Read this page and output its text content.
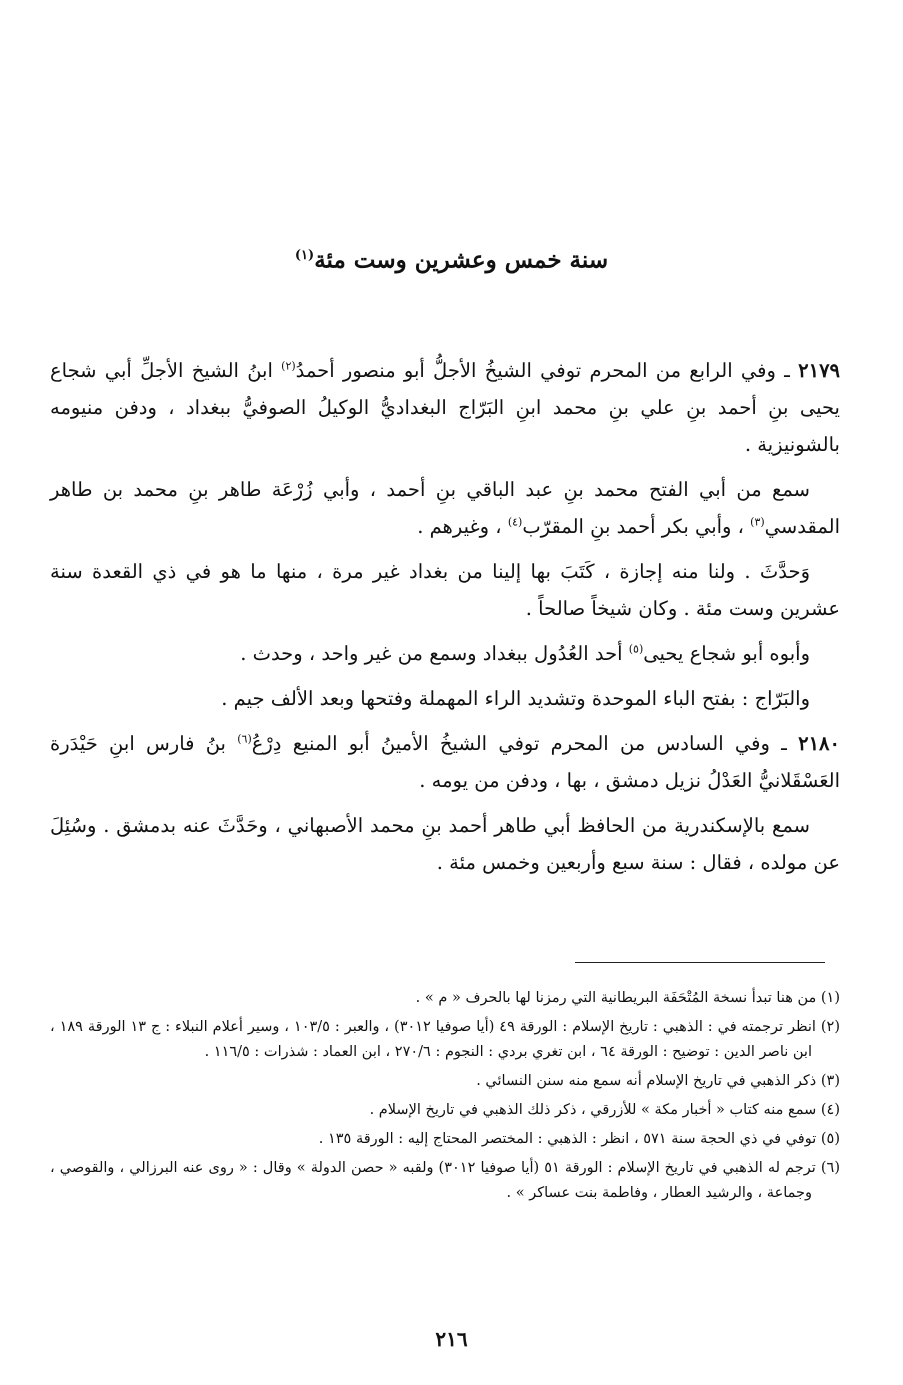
سنة خمس وعشرين وست مئة$^{(١)}$

٢١٧٩ ـ وفي الرابع من المحرم توفي الشيخُ الأجلُّ أبو منصور أحمدُ$^{(٢)}$ ابنُ الشيخ الأجلِّ أبي شجاع يحيى بنِ أحمد بنِ علي بنِ محمد ابنِ البَرّاج البغداديُّ الوكيلُ الصوفيُّ ببغداد ، ودفن منيومه بالشونيزية .

سمع من أبي الفتح محمد بنِ عبد الباقي بنِ أحمد ، وأبي زُرْعَة طاهر بنِ محمد بن طاهر المقدسي$^{(٣)}$ ، وأبي بكر أحمد بنِ المقرّب$^{(٤)}$ ، وغيرهم .

وَحدَّثَ . ولنا منه إجازة ، كَتَبَ بها إلينا من بغداد غير مرة ، منها ما هو في ذي القعدة سنة عشرين وست مئة . وكان شيخاً صالحاً .

وأبوه أبو شجاع يحيى$^{(٥)}$ أحد العُدُول ببغداد وسمع من غير واحد ، وحدث .

والبَرّاج : بفتح الباء الموحدة وتشديد الراء المهملة وفتحها وبعد الألف جيم .

٢١٨٠ ـ وفي السادس من المحرم توفي الشيخُ الأمينُ أبو المنيع دِرْعُ$^{(٦)}$ بنُ فارس ابنِ حَيْدَرة العَسْقَلانيُّ العَدْلُ نزيل دمشق ، بها ، ودفن من يومه .

سمع بالإسكندرية من الحافظ أبي طاهر أحمد بنِ محمد الأصبهاني ، وحَدَّثَ عنه بدمشق . وسُئِلَ عن مولده ، فقال : سنة سبع وأربعين وخمس مئة .

(١) من هنا تبدأ نسخة المُتْحَفَة البريطانية التي رمزنا لها بالحرف « م » .

(٢) انظر ترجمته في : الذهبي : تاريخ الإسلام : الورقة ٤٩ (أيا صوفيا ٣٠١٢) ، والعبر : ١٠٣/٥ ، وسير أعلام النبلاء : ج ١٣ الورقة ١٨٩ ، ابن ناصر الدين : توضيح : الورقة ٦٤ ، ابن تغري بردي : النجوم : ٢٧٠/٦ ، ابن العماد : شذرات : ١١٦/٥ .

(٣) ذكر الذهبي في تاريخ الإسلام أنه سمع منه سنن النسائي .

(٤) سمع منه كتاب « أخبار مكة » للأزرقي ، ذكر ذلك الذهبي في تاريخ الإسلام .

(٥) توفي في ذي الحجة سنة ٥٧١ ، انظر : الذهبي : المختصر المحتاج إليه : الورقة ١٣٥ .

(٦) ترجم له الذهبي في تاريخ الإسلام : الورقة ٥١ (أيا صوفيا ٣٠١٢) ولقبه « حصن الدولة » وقال : « روى عنه البرزالي ، والقوصي ، وجماعة ، والرشيد العطار ، وفاطمة بنت عساكر » .

٢١٦
